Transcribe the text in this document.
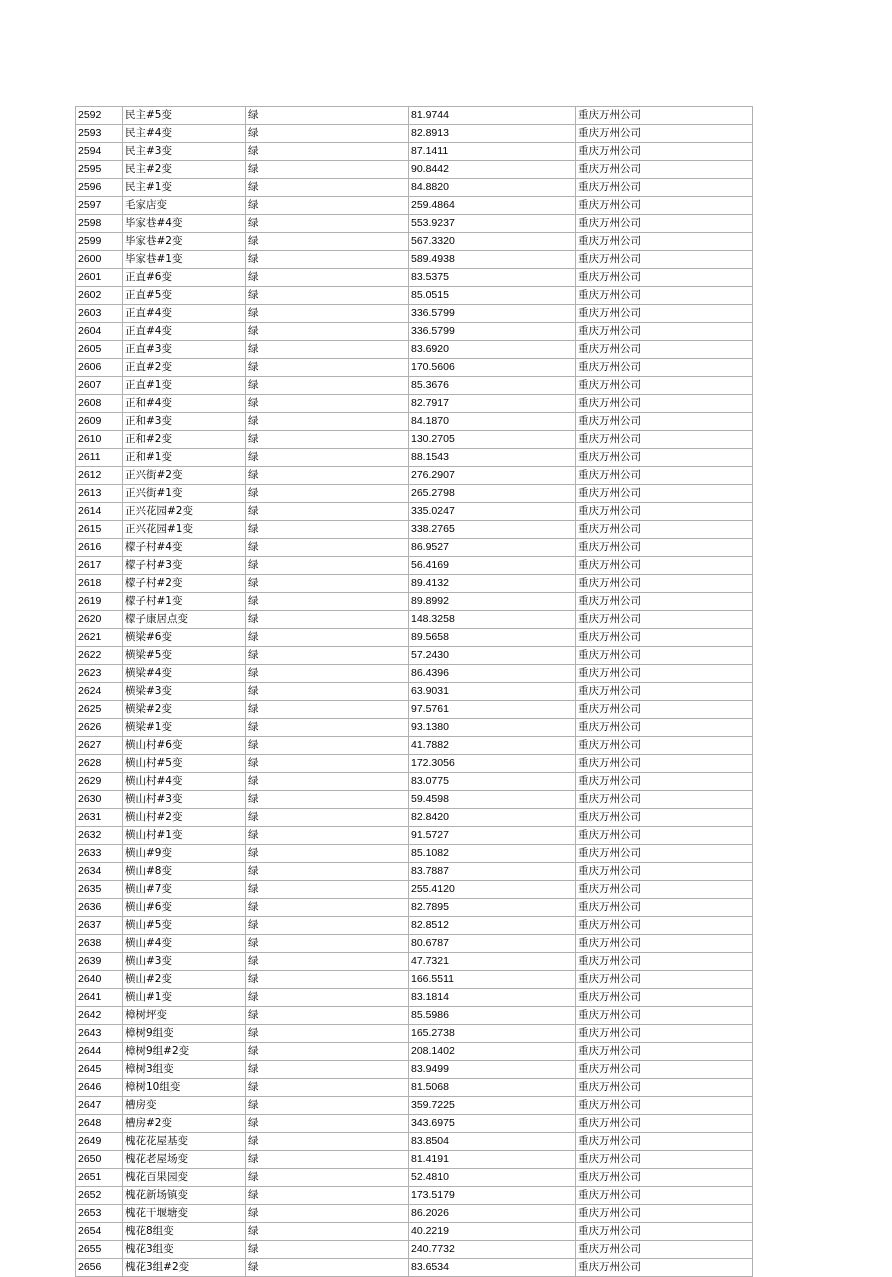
2592	民主#5变	绿	81.9744	重庆万州公司
2593	民主#4变	绿	82.8913	重庆万州公司
2594	民主#3变	绿	87.1411	重庆万州公司
2595	民主#2变	绿	90.8442	重庆万州公司
2596	民主#1变	绿	84.8820	重庆万州公司
2597	毛家店变	绿	259.4864	重庆万州公司
2598	毕家巷#4变	绿	553.9237	重庆万州公司
2599	毕家巷#2变	绿	567.3320	重庆万州公司
2600	毕家巷#1变	绿	589.4938	重庆万州公司
2601	正直#6变	绿	83.5375	重庆万州公司
2602	正直#5变	绿	85.0515	重庆万州公司
2603	正直#4变	绿	336.5799	重庆万州公司
2604	正直#4变	绿	336.5799	重庆万州公司
2605	正直#3变	绿	83.6920	重庆万州公司
2606	正直#2变	绿	170.5606	重庆万州公司
2607	正直#1变	绿	85.3676	重庆万州公司
2608	正和#4变	绿	82.7917	重庆万州公司
2609	正和#3变	绿	84.1870	重庆万州公司
2610	正和#2变	绿	130.2705	重庆万州公司
2611	正和#1变	绿	88.1543	重庆万州公司
2612	正兴街#2变	绿	276.2907	重庆万州公司
2613	正兴街#1变	绿	265.2798	重庆万州公司
2614	正兴花园#2变	绿	335.0247	重庆万州公司
2615	正兴花园#1变	绿	338.2765	重庆万州公司
2616	檬子村#4变	绿	86.9527	重庆万州公司
2617	檬子村#3变	绿	56.4169	重庆万州公司
2618	檬子村#2变	绿	89.4132	重庆万州公司
2619	檬子村#1变	绿	89.8992	重庆万州公司
2620	檬子康居点变	绿	148.3258	重庆万州公司
2621	横梁#6变	绿	89.5658	重庆万州公司
2622	横梁#5变	绿	57.2430	重庆万州公司
2623	横梁#4变	绿	86.4396	重庆万州公司
2624	横梁#3变	绿	63.9031	重庆万州公司
2625	横梁#2变	绿	97.5761	重庆万州公司
2626	横梁#1变	绿	93.1380	重庆万州公司
2627	横山村#6变	绿	41.7882	重庆万州公司
2628	横山村#5变	绿	172.3056	重庆万州公司
2629	横山村#4变	绿	83.0775	重庆万州公司
2630	横山村#3变	绿	59.4598	重庆万州公司
2631	横山村#2变	绿	82.8420	重庆万州公司
2632	横山村#1变	绿	91.5727	重庆万州公司
2633	横山#9变	绿	85.1082	重庆万州公司
2634	横山#8变	绿	83.7887	重庆万州公司
2635	横山#7变	绿	255.4120	重庆万州公司
2636	横山#6变	绿	82.7895	重庆万州公司
2637	横山#5变	绿	82.8512	重庆万州公司
2638	横山#4变	绿	80.6787	重庆万州公司
2639	横山#3变	绿	47.7321	重庆万州公司
2640	横山#2变	绿	166.5511	重庆万州公司
2641	横山#1变	绿	83.1814	重庆万州公司
2642	樟树坪变	绿	85.5986	重庆万州公司
2643	樟树9组变	绿	165.2738	重庆万州公司
2644	樟树9组#2变	绿	208.1402	重庆万州公司
2645	樟树3组变	绿	83.9499	重庆万州公司
2646	樟树10组变	绿	81.5068	重庆万州公司
2647	槽房变	绿	359.7225	重庆万州公司
2648	槽房#2变	绿	343.6975	重庆万州公司
2649	槐花花屋基变	绿	83.8504	重庆万州公司
2650	槐花老屋场变	绿	81.4191	重庆万州公司
2651	槐花百果园变	绿	52.4810	重庆万州公司
2652	槐花新场镇变	绿	173.5179	重庆万州公司
2653	槐花干堰塘变	绿	86.2026	重庆万州公司
2654	槐花8组变	绿	40.2219	重庆万州公司
2655	槐花3组变	绿	240.7732	重庆万州公司
2656	槐花3组#2变	绿	83.6534	重庆万州公司
